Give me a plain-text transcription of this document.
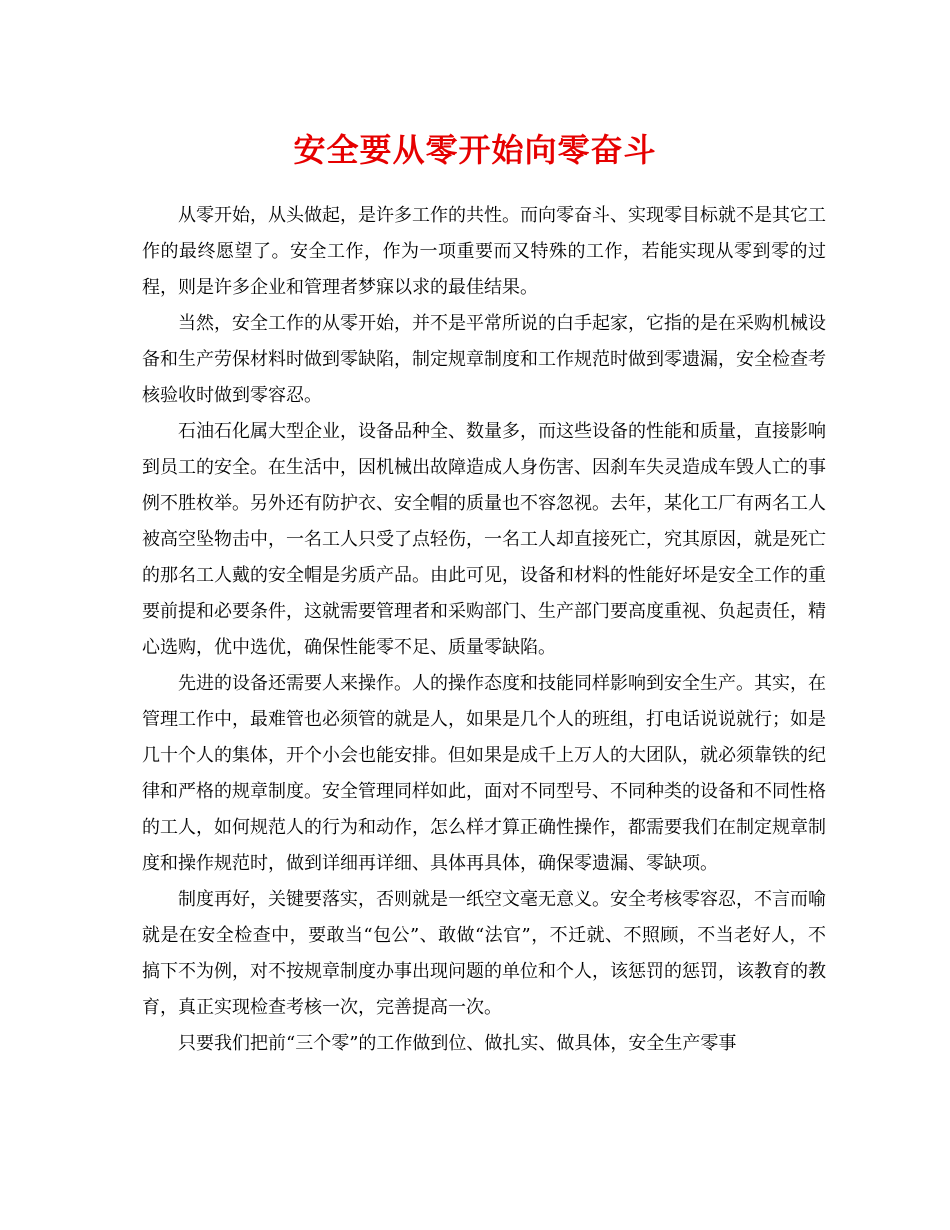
安全要从零开始向零奋斗

从零开始，从头做起，是许多工作的共性。而向零奋斗、实现零目标就不是其它工作的最终愿望了。安全工作，作为一项重要而又特殊的工作，若能实现从零到零的过程，则是许多企业和管理者梦寐以求的最佳结果。

当然，安全工作的从零开始，并不是平常所说的白手起家，它指的是在采购机械设备和生产劳保材料时做到零缺陷，制定规章制度和工作规范时做到零遗漏，安全检查考核验收时做到零容忍。

石油石化属大型企业，设备品种全、数量多，而这些设备的性能和质量，直接影响到员工的安全。在生活中，因机械出故障造成人身伤害、因刹车失灵造成车毁人亡的事例不胜枚举。另外还有防护衣、安全帽的质量也不容忽视。去年，某化工厂有两名工人被高空坠物击中，一名工人只受了点轻伤，一名工人却直接死亡，究其原因，就是死亡的那名工人戴的安全帽是劣质产品。由此可见，设备和材料的性能好坏是安全工作的重要前提和必要条件，这就需要管理者和采购部门、生产部门要高度重视、负起责任，精心选购，优中选优，确保性能零不足、质量零缺陷。

先进的设备还需要人来操作。人的操作态度和技能同样影响到安全生产。其实，在管理工作中，最难管也必须管的就是人，如果是几个人的班组，打电话说说就行；如是几十个人的集体，开个小会也能安排。但如果是成千上万人的大团队，就必须靠铁的纪律和严格的规章制度。安全管理同样如此，面对不同型号、不同种类的设备和不同性格的工人，如何规范人的行为和动作，怎么样才算正确性操作，都需要我们在制定规章制度和操作规范时，做到详细再详细、具体再具体，确保零遗漏、零缺项。

制度再好，关键要落实，否则就是一纸空文毫无意义。安全考核零容忍，不言而喻就是在安全检查中，要敢当“包公”、敢做“法官”，不迁就、不照顾，不当老好人，不搞下不为例，对不按规章制度办事出现问题的单位和个人，该惩罚的惩罚，该教育的教育，真正实现检查考核一次，完善提高一次。

只要我们把前“三个零”的工作做到位、做扎实、做具体，安全生产零事
